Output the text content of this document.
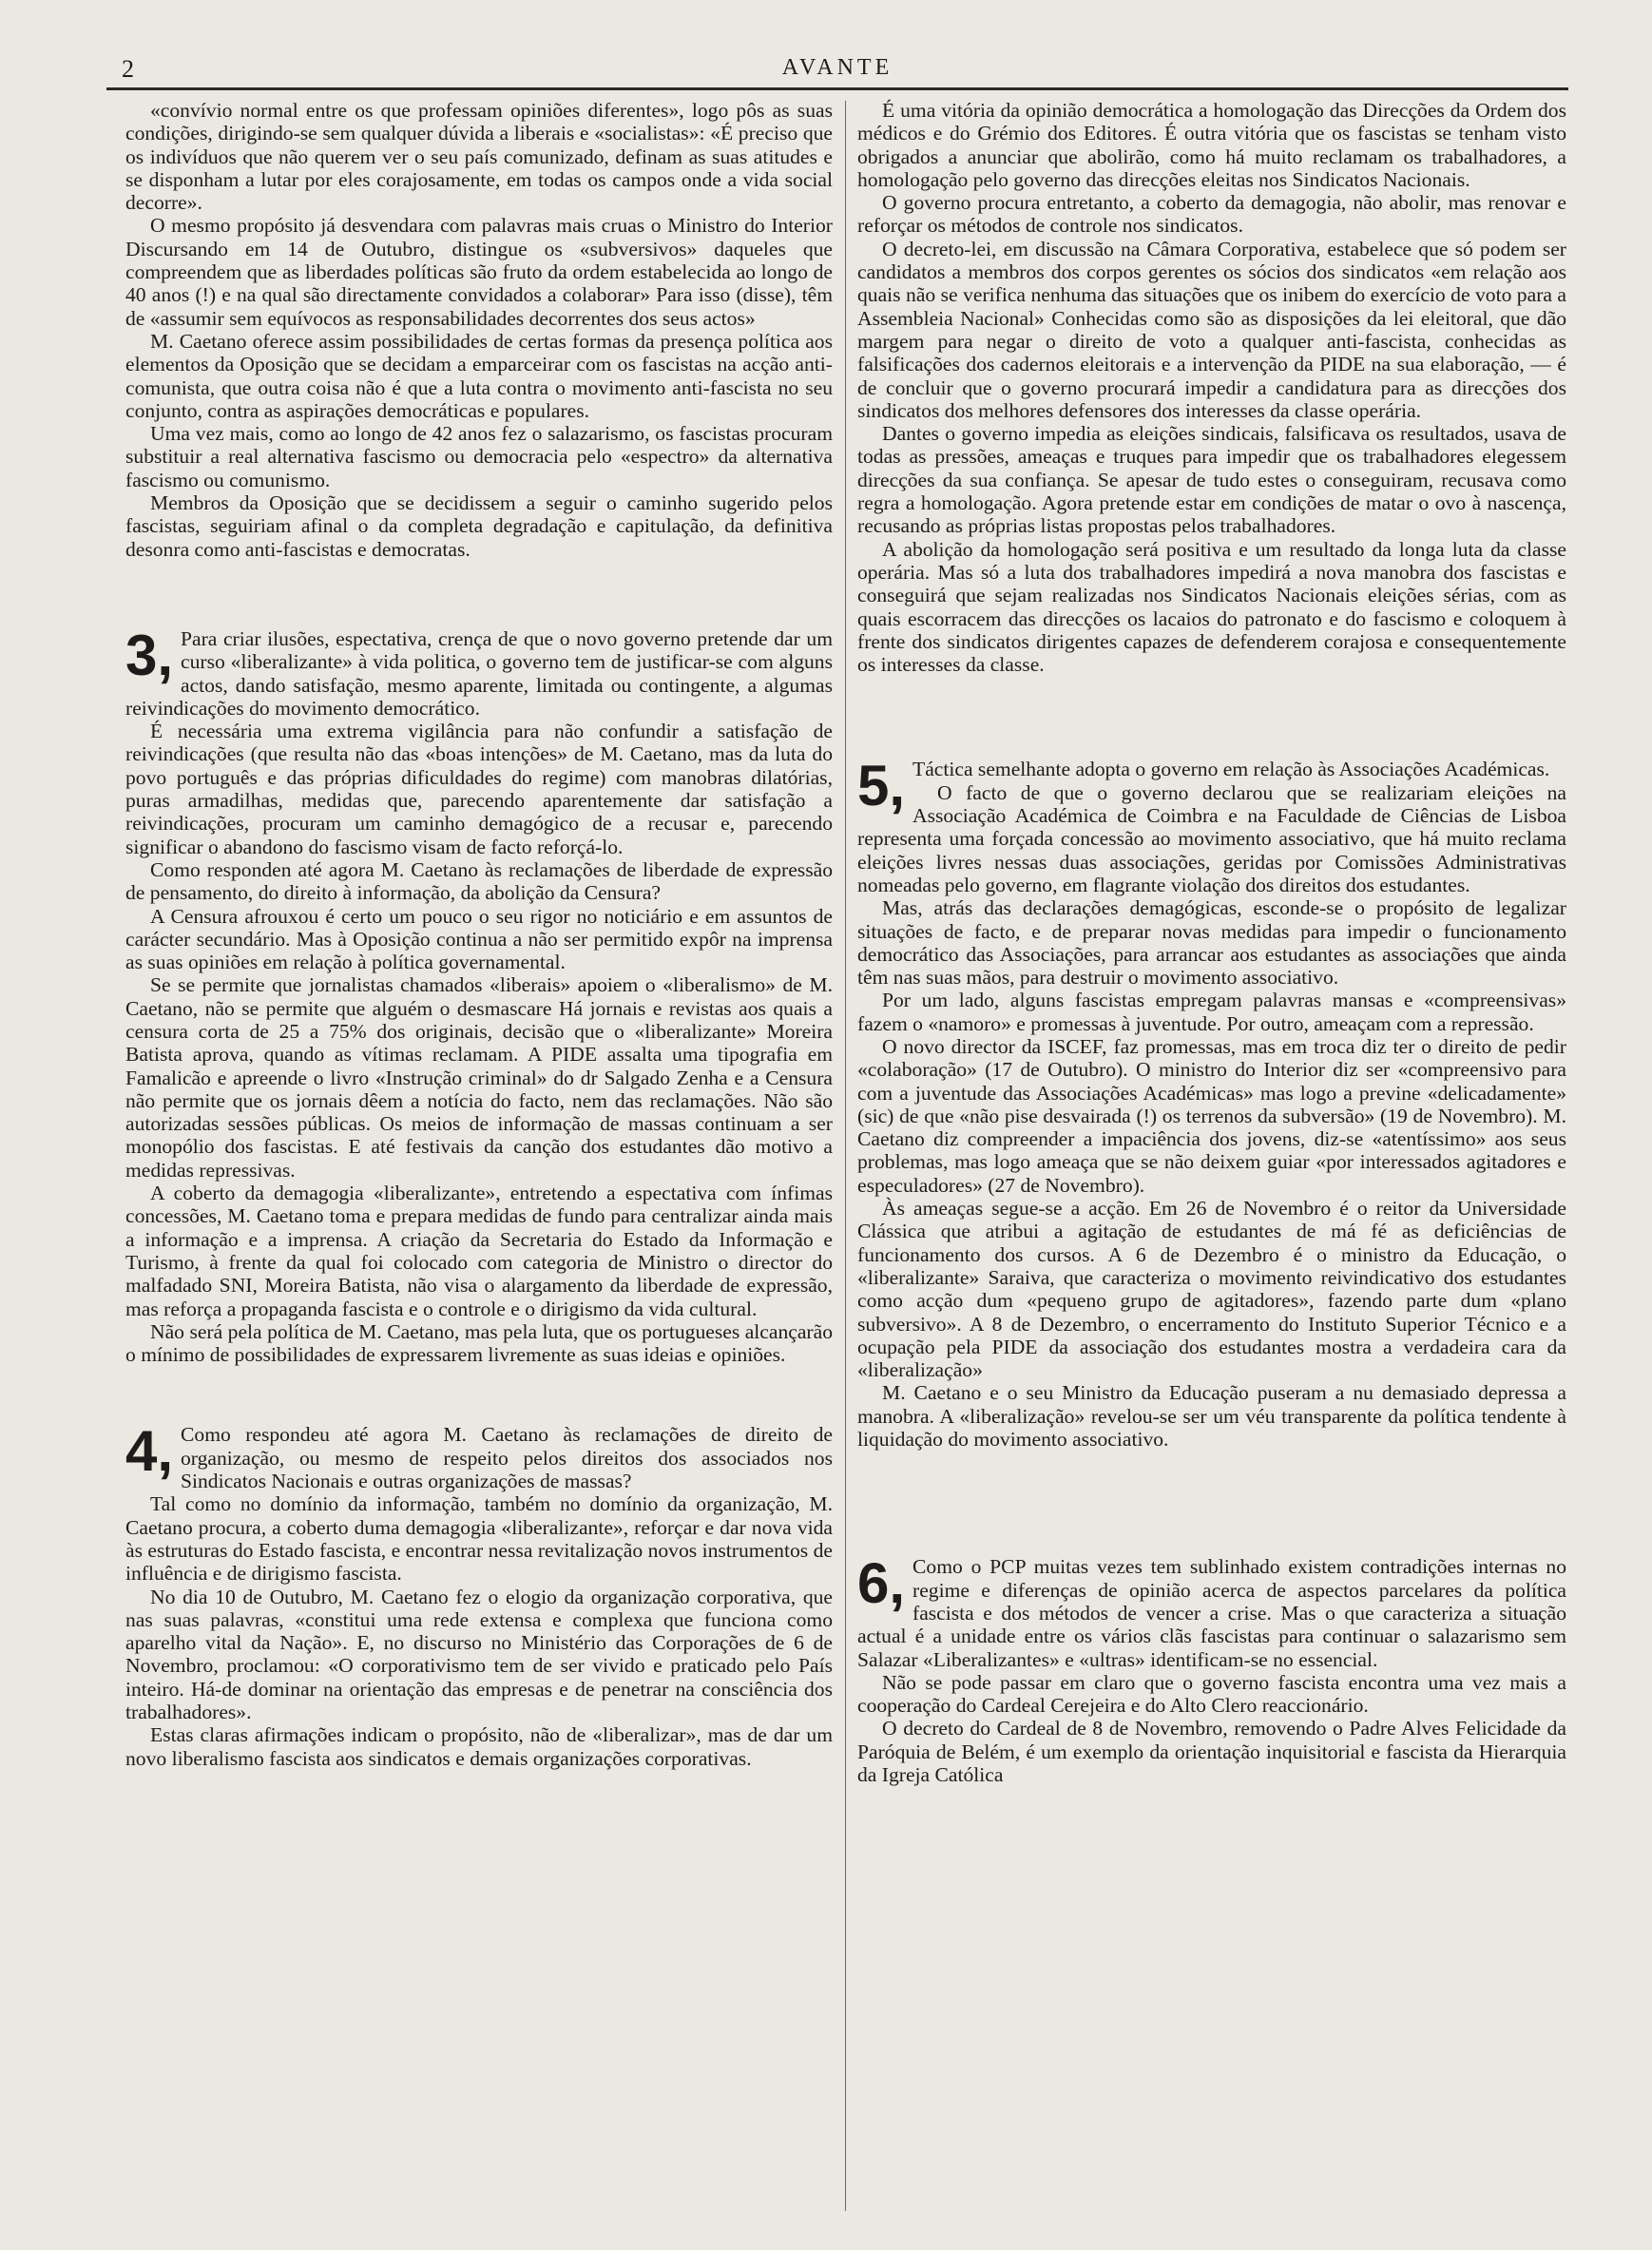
2	AVANTE

«convívio normal entre os que professam opiniões diferentes», logo pôs as suas condições, dirigindo-se sem qualquer dúvida a liberais e «socialistas»: «É preciso que os indivíduos que não querem ver o seu país comunizado, definam as suas atitudes e se disponham a lutar por eles corajosamente, em todas os campos onde a vida social decorre».

O mesmo propósito já desvendara com palavras mais cruas o Ministro do Interior Discursando em 14 de Outubro, distingue os «subversivos» daqueles que compreendem que as liberdades políticas são fruto da ordem estabelecida ao longo de 40 anos (!) e na qual são directamente convidados a colaborar» Para isso (disse), têm de «assumir sem equívocos as responsabilidades decorrentes dos seus actos»

M. Caetano oferece assim possibilidades de certas formas da presença política aos elementos da Oposição que se decidam a emparceirar com os fascistas na acção anti-comunista, que outra coisa não é que a luta contra o movimento anti-fascista no seu conjunto, contra as aspirações democráticas e populares.

Uma vez mais, como ao longo de 42 anos fez o salazarismo, os fascistas procuram substituir a real alternativa fascismo ou democracia pelo «espectro» da alternativa fascismo ou comunismo.

Membros da Oposição que se decidissem a seguir o caminho sugerido pelos fascistas, seguiriam afinal o da completa degradação e capitulação, da definitiva desonra como anti-fascistas e democratas.

3, Para criar ilusões, espectativa, crença de que o novo governo pretende dar um curso «liberalizante» à vida politica, o governo tem de justificar-se com alguns actos, dando satisfação, mesmo aparente, limitada ou contingente, a algumas reivindicações do movimento democrático.

É necessária uma extrema vigilância para não confundir a satisfação de reivindicações (que resulta não das «boas intenções» de M. Caetano, mas da luta do povo português e das próprias dificuldades do regime) com manobras dilatórias, puras armadilhas, medidas que, parecendo aparentemente dar satisfação a reivindicações, procuram um caminho demagógico de a recusar e, parecendo significar o abandono do fascismo visam de facto reforçá-lo.

Como responden até agora M. Caetano às reclamações de liberdade de expressão de pensamento, do direito à informação, da abolição da Censura?

A Censura afrouxou é certo um pouco o seu rigor no noticiário e em assuntos de carácter secundário. Mas à Oposição continua a não ser permitido expôr na imprensa as suas opiniões em relação à política governamental.

Se se permite que jornalistas chamados «liberais» apoiem o «liberalismo» de M. Caetano, não se permite que alguém o desmascare Há jornais e revistas aos quais a censura corta de 25 a 75% dos originais, decisão que o «liberalizante» Moreira Batista aprova, quando as vítimas reclamam. A PIDE assalta uma tipografia em Famalicão e apreende o livro «Instrução criminal» do dr Salgado Zenha e a Censura não permite que os jornais dêem a notícia do facto, nem das reclamações. Não são autorizadas sessões públicas. Os meios de informação de massas continuam a ser monopólio dos fascistas. E até festivais da canção dos estudantes dão motivo a medidas repressivas.

A coberto da demagogia «liberalizante», entretendo a espectativa com ínfimas concessões, M. Caetano toma e prepara medidas de fundo para centralizar ainda mais a informação e a imprensa. A criação da Secretaria do Estado da Informação e Turismo, à frente da qual foi colocado com categoria de Ministro o director do malfadado SNI, Moreira Batista, não visa o alargamento da liberdade de expressão, mas reforça a propaganda fascista e o controle e o dirigismo da vida cultural.

Não será pela política de M. Caetano, mas pela luta, que os portugueses alcançarão o mínimo de possibilidades de expressarem livremente as suas ideias e opiniões.

4, Como respondeu até agora M. Caetano às reclamações de direito de organização, ou mesmo de respeito pelos direitos dos associados nos Sindicatos Nacionais e outras organizações de massas?

Tal como no domínio da informação, também no domínio da organização, M. Caetano procura, a coberto duma demagogia «liberalizante», reforçar e dar nova vida às estruturas do Estado fascista, e encontrar nessa revitalização novos instrumentos de influência e de dirigismo fascista.

No dia 10 de Outubro, M. Caetano fez o elogio da organização corporativa, que nas suas palavras, «constitui uma rede extensa e complexa que funciona como aparelho vital da Nação». E, no discurso no Ministério das Corporações de 6 de Novembro, proclamou: «O corporativismo tem de ser vivido e praticado pelo País inteiro. Há-de dominar na orientação das empresas e de penetrar na consciência dos trabalhadores».

Estas claras afirmações indicam o propósito, não de «liberalizar», mas de dar um novo liberalismo fascista aos sindicatos e demais organizações corporativas.

É uma vitória da opinião democrática a homologação das Direcções da Ordem dos médicos e do Grémio dos Editores. É outra vitória que os fascistas se tenham visto obrigados a anunciar que abolirão, como há muito reclamam os trabalhadores, a homologação pelo governo das direcções eleitas nos Sindicatos Nacionais.

O governo procura entretanto, a coberto da demagogia, não abolir, mas renovar e reforçar os métodos de controle nos sindicatos.

O decreto-lei, em discussão na Câmara Corporativa, estabelece que só podem ser candidatos a membros dos corpos gerentes os sócios dos sindicatos «em relação aos quais não se verifica nenhuma das situações que os inibem do exercício de voto para a Assembleia Nacional» Conhecidas como são as disposições da lei eleitoral, que dão margem para negar o direito de voto a qualquer anti-fascista, conhecidas as falsificações dos cadernos eleitorais e a intervenção da PIDE na sua elaboração, — é de concluir que o governo procurará impedir a candidatura para as direcções dos sindicatos dos melhores defensores dos interesses da classe operária.

Dantes o governo impedia as eleições sindicais, falsificava os resultados, usava de todas as pressões, ameaças e truques para impedir que os trabalhadores elegessem direcções da sua confiança. Se apesar de tudo estes o conseguiram, recusava como regra a homologação. Agora pretende estar em condições de matar o ovo à nascença, recusando as próprias listas propostas pelos trabalhadores.

A abolição da homologação será positiva e um resultado da longa luta da classe operária. Mas só a luta dos trabalhadores impedirá a nova manobra dos fascistas e conseguirá que sejam realizadas nos Sindicatos Nacionais eleições sérias, com as quais escorracem das direcções os lacaios do patronato e do fascismo e coloquem à frente dos sindicatos dirigentes capazes de defenderem corajosa e consequentemente os interesses da classe.

5, Táctica semelhante adopta o governo em relação às Associações Académicas.

O facto de que o governo declarou que se realizariam eleições na Associação Académica de Coimbra e na Faculdade de Ciências de Lisboa representa uma forçada concessão ao movimento associativo, que há muito reclama eleições livres nessas duas associações, geridas por Comissões Administrativas nomeadas pelo governo, em flagrante violação dos direitos dos estudantes.

Mas, atrás das declarações demagógicas, esconde-se o propósito de legalizar situações de facto, e de preparar novas medidas para impedir o funcionamento democrático das Associações, para arrancar aos estudantes as associações que ainda têm nas suas mãos, para destruir o movimento associativo.

Por um lado, alguns fascistas empregam palavras mansas e «compreensivas» fazem o «namoro» e promessas à juventude. Por outro, ameaçam com a repressão.

O novo director da ISCEF, faz promessas, mas em troca diz ter o direito de pedir «colaboração» (17 de Outubro). O ministro do Interior diz ser «compreensivo para com a juventude das Associações Académicas» mas logo a previne «delicadamente» (sic) de que «não pise desvairada (!) os terrenos da subversão» (19 de Novembro). M. Caetano diz compreender a impaciência dos jovens, diz-se «atentíssimo» aos seus problemas, mas logo ameaça que se não deixem guiar «por interessados agitadores e especuladores» (27 de Novembro).

Às ameaças segue-se a acção. Em 26 de Novembro é o reitor da Universidade Clássica que atribui a agitação de estudantes de má fé as deficiências de funcionamento dos cursos. A 6 de Dezembro é o ministro da Educação, o «liberalizante» Saraiva, que caracteriza o movimento reivindicativo dos estudantes como acção dum «pequeno grupo de agitadores», fazendo parte dum «plano subversivo». A 8 de Dezembro, o encerramento do Instituto Superior Técnico e a ocupação pela PIDE da associação dos estudantes mostra a verdadeira cara da «liberalização»

M. Caetano e o seu Ministro da Educação puseram a nu demasiado depressa a manobra. A «liberalização» revelou-se ser um véu transparente da política tendente à liquidação do movimento associativo.

6, Como o PCP muitas vezes tem sublinhado existem contradições internas no regime e diferenças de opinião acerca de aspectos parcelares da política fascista e dos métodos de vencer a crise. Mas o que caracteriza a situação actual é a unidade entre os vários clãs fascistas para continuar o salazarismo sem Salazar «Liberalizantes» e «ultras» identificam-se no essencial.

Não se pode passar em claro que o governo fascista encontra uma vez mais a cooperação do Cardeal Cerejeira e do Alto Clero reaccionário.

O decreto do Cardeal de 8 de Novembro, removendo o Padre Alves Felicidade da Paróquia de Belém, é um exemplo da orientação inquisitorial e fascista da Hierarquia da Igreja Católica
